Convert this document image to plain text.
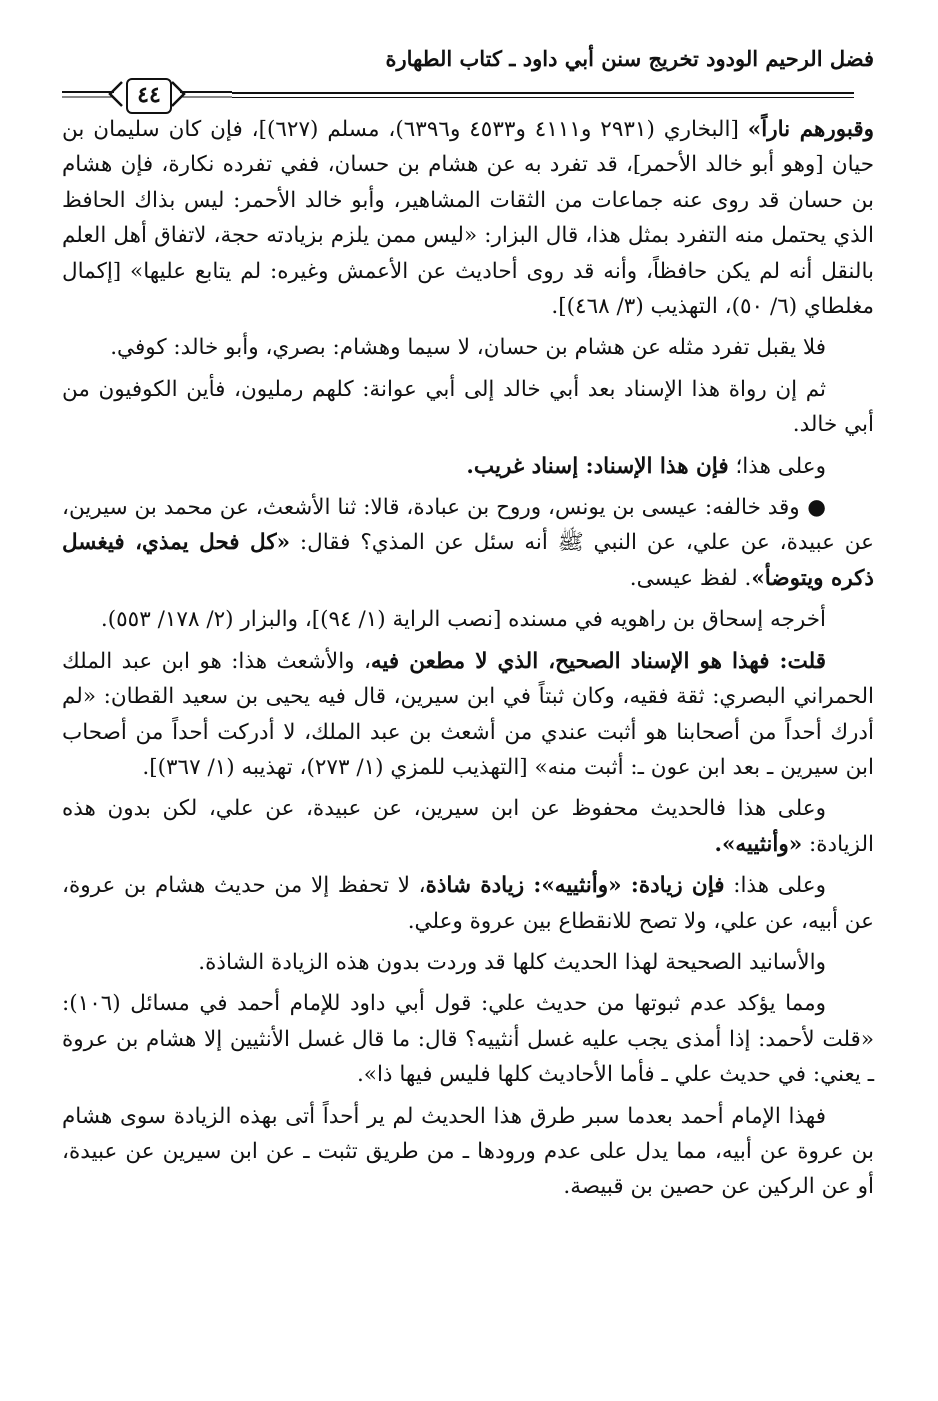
فضل الرحيم الودود تخريج سنن أبي داود ـ كتاب الطهارة
٤٤

وقبورهم ناراً» [البخاري (٢٩٣١ و٤١١١ و٤٥٣٣ و٦٣٩٦)، مسلم (٦٢٧)]، فإن كان سليمان بن حيان [وهو أبو خالد الأحمر]، قد تفرد به عن هشام بن حسان، ففي تفرده نكارة، فإن هشام بن حسان قد روى عنه جماعات من الثقات المشاهير، وأبو خالد الأحمر: ليس بذاك الحافظ الذي يحتمل منه التفرد بمثل هذا، قال البزار: «ليس ممن يلزم بزيادته حجة، لاتفاق أهل العلم بالنقل أنه لم يكن حافظاً، وأنه قد روى أحاديث عن الأعمش وغيره: لم يتابع عليها» [إكمال مغلطاي (٦/ ٥٠)، التهذيب (٣/ ٤٦٨)].

فلا يقبل تفرد مثله عن هشام بن حسان، لا سيما وهشام: بصري، وأبو خالد: كوفي.

ثم إن رواة هذا الإسناد بعد أبي خالد إلى أبي عوانة: كلهم رمليون، فأين الكوفيون من أبي خالد.

وعلى هذا؛ فإن هذا الإسناد: إسناد غريب.

● وقد خالفه: عيسى بن يونس، وروح بن عبادة، قالا: ثنا الأشعث، عن محمد بن سيرين، عن عبيدة، عن علي، عن النبي ﷺ أنه سئل عن المذي؟ فقال: «كل فحل يمذي، فيغسل ذكره ويتوضأ». لفظ عيسى.

أخرجه إسحاق بن راهويه في مسنده [نصب الراية (١/ ٩٤)]، والبزار (٢/ ١٧٨/ ٥٥٣).

قلت: فهذا هو الإسناد الصحيح، الذي لا مطعن فيه، والأشعث هذا: هو ابن عبد الملك الحمراني البصري: ثقة فقيه، وكان ثبتاً في ابن سيرين، قال فيه يحيى بن سعيد القطان: «لم أدرك أحداً من أصحابنا هو أثبت عندي من أشعث بن عبد الملك، لا أدركت أحداً من أصحاب ابن سيرين ـ بعد ابن عون ـ: أثبت منه» [التهذيب للمزي (١/ ٢٧٣)، تهذيبه (١/ ٣٦٧)].

وعلى هذا فالحديث محفوظ عن ابن سيرين، عن عبيدة، عن علي، لكن بدون هذه الزيادة: «وأنثييه».

وعلى هذا: فإن زيادة: «وأنثييه»: زيادة شاذة، لا تحفظ إلا من حديث هشام بن عروة، عن أبيه، عن علي، ولا تصح للانقطاع بين عروة وعلي.

والأسانيد الصحيحة لهذا الحديث كلها قد وردت بدون هذه الزيادة الشاذة.

ومما يؤكد عدم ثبوتها من حديث علي: قول أبي داود للإمام أحمد في مسائل (١٠٦): «قلت لأحمد: إذا أمذى يجب عليه غسل أنثييه؟ قال: ما قال غسل الأنثيين إلا هشام بن عروة ـ يعني: في حديث علي ـ فأما الأحاديث كلها فليس فيها ذا».

فهذا الإمام أحمد بعدما سبر طرق هذا الحديث لم ير أحداً أتى بهذه الزيادة سوى هشام بن عروة عن أبيه، مما يدل على عدم ورودها ـ من طريق تثبت ـ عن ابن سيرين عن عبيدة، أو عن الركين عن حصين بن قبيصة.
